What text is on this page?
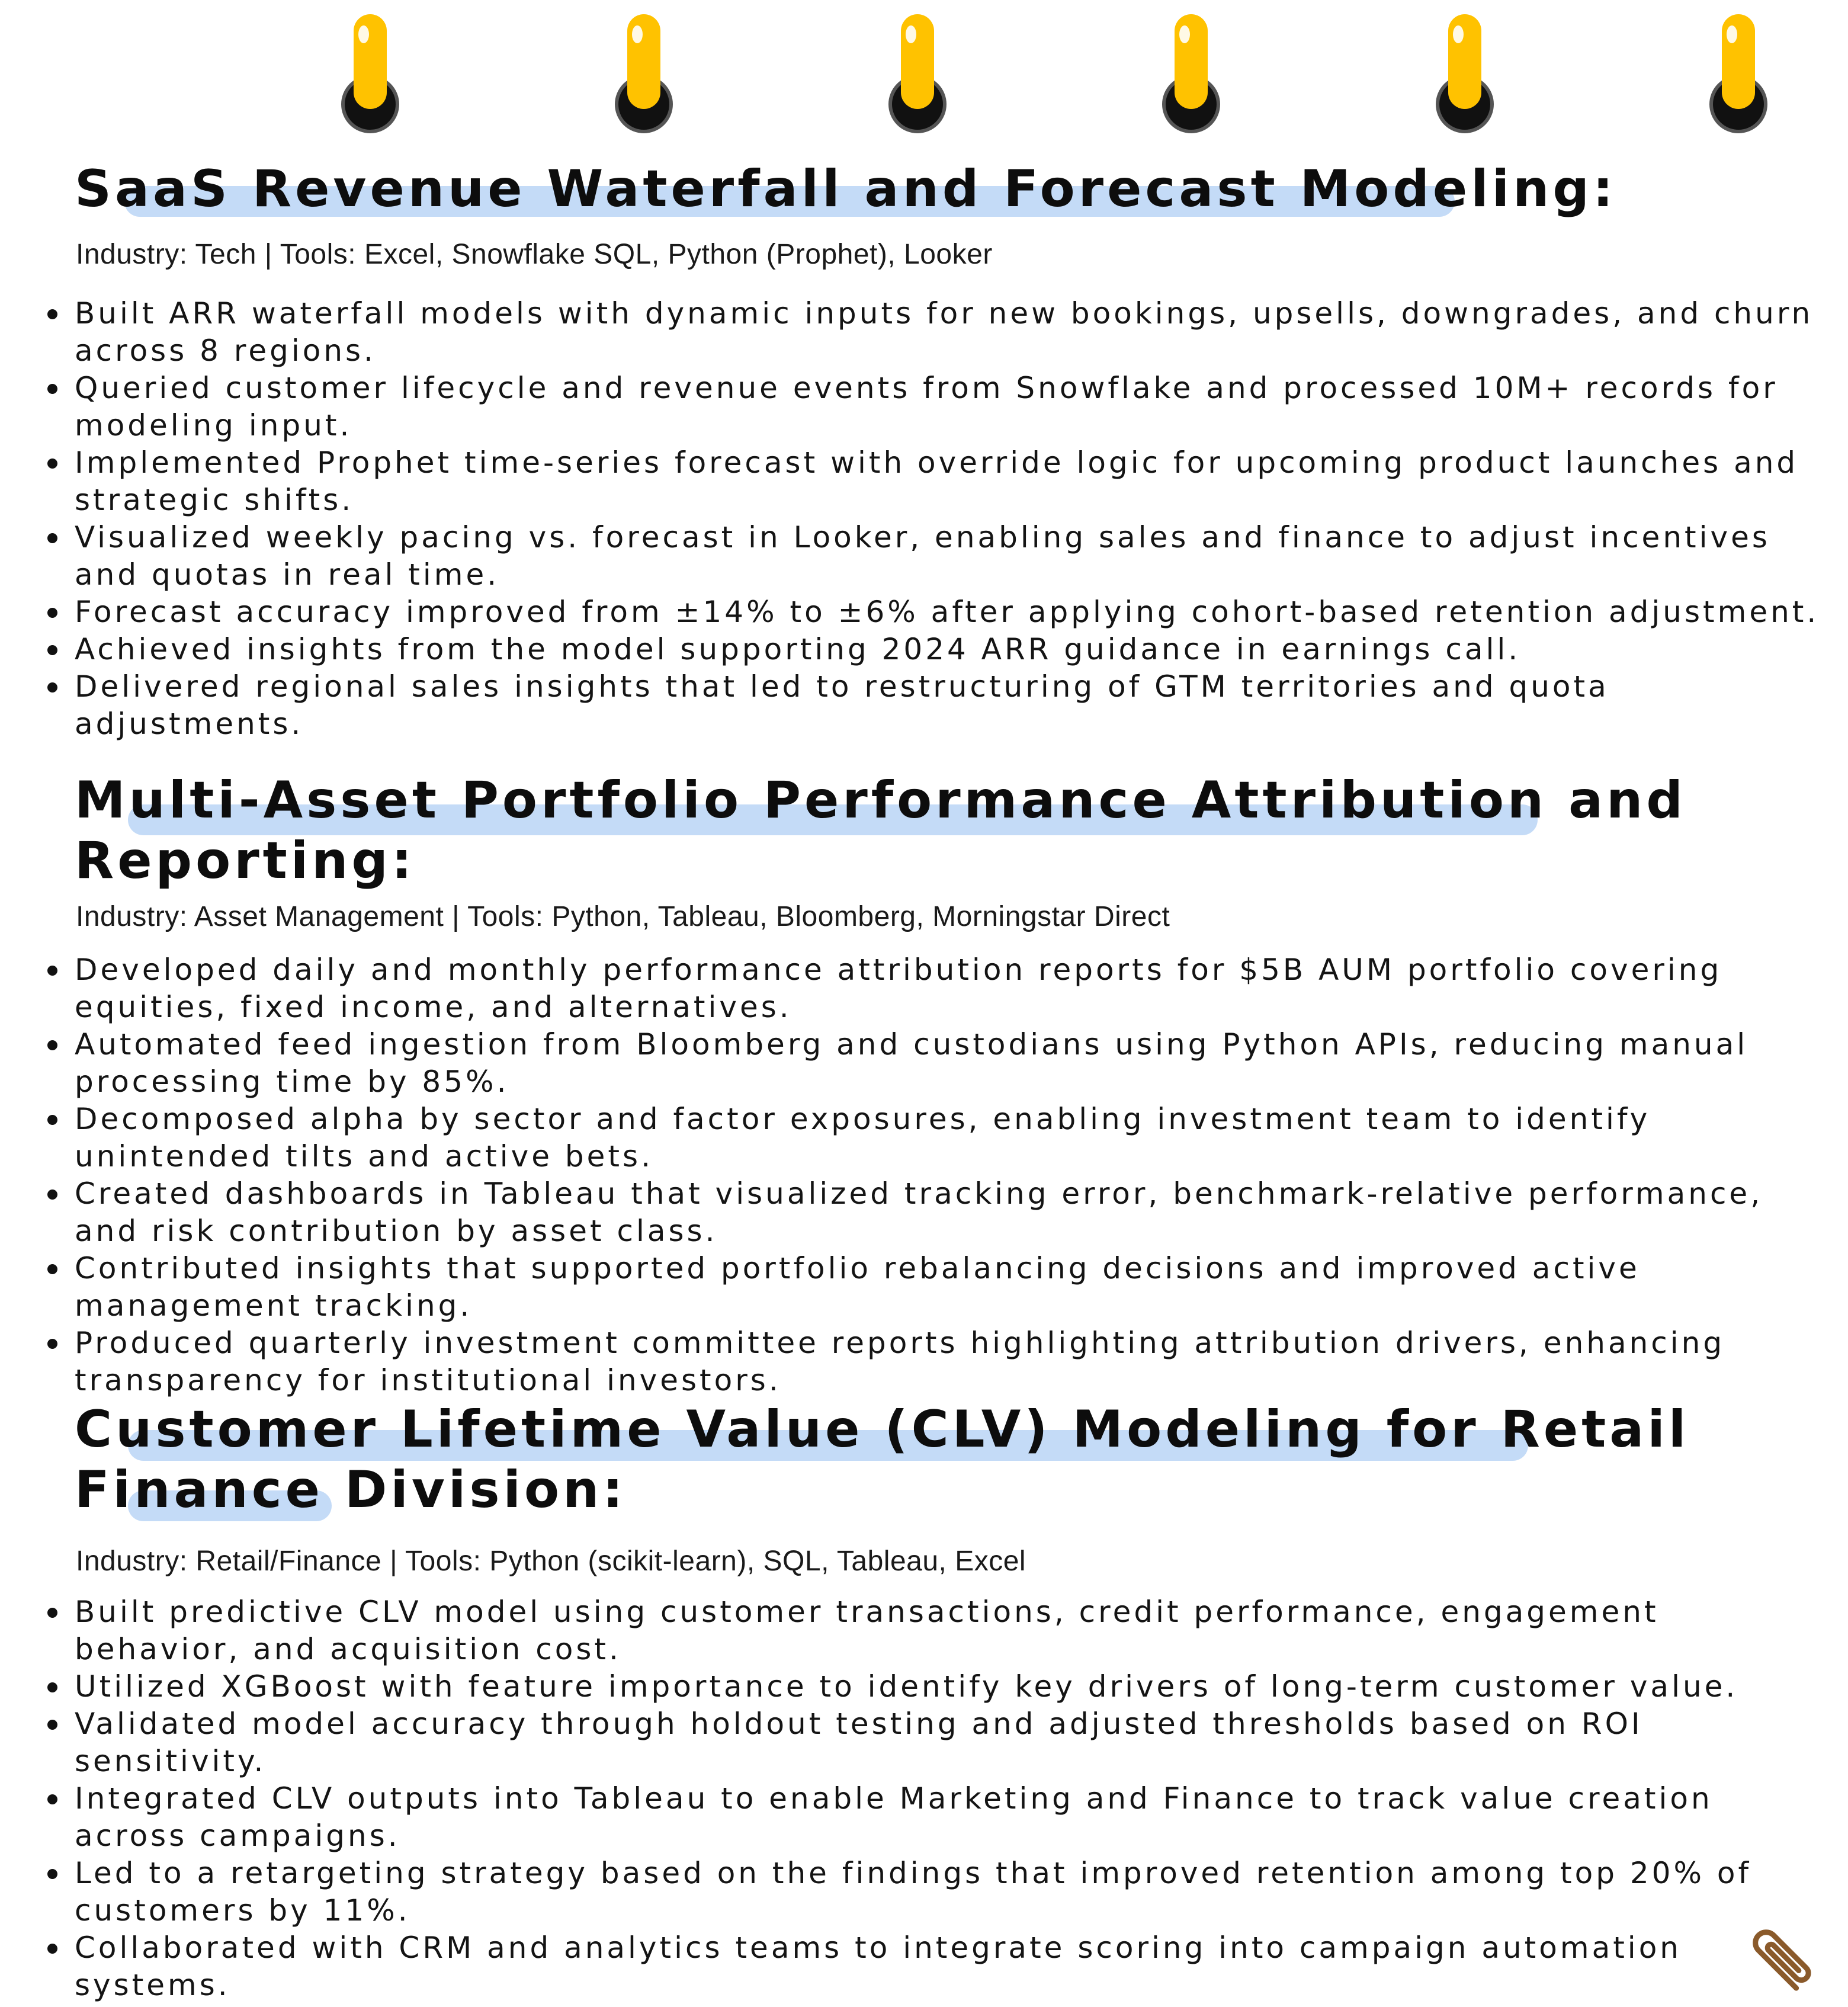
SaaS Revenue Waterfall and Forecast Modeling:
Industry: Tech | Tools: Excel, Snowflake SQL, Python (Prophet), Looker
Built ARR waterfall models with dynamic inputs for new bookings, upsells, downgrades, and churn across 8 regions.
Queried customer lifecycle and revenue events from Snowflake and processed 10M+ records for modeling input.
Implemented Prophet time-series forecast with override logic for upcoming product launches and strategic shifts.
Visualized weekly pacing vs. forecast in Looker, enabling sales and finance to adjust incentives and quotas in real time.
Forecast accuracy improved from ±14% to ±6% after applying cohort-based retention adjustment.
Achieved insights from the model supporting 2024 ARR guidance in earnings call.
Delivered regional sales insights that led to restructuring of GTM territories and quota adjustments.
Multi-Asset Portfolio Performance Attribution and Reporting:
Industry: Asset Management | Tools: Python, Tableau, Bloomberg, Morningstar Direct
Developed daily and monthly performance attribution reports for $5B AUM portfolio covering equities, fixed income, and alternatives.
Automated feed ingestion from Bloomberg and custodians using Python APIs, reducing manual processing time by 85%.
Decomposed alpha by sector and factor exposures, enabling investment team to identify unintended tilts and active bets.
Created dashboards in Tableau that visualized tracking error, benchmark-relative performance, and risk contribution by asset class.
Contributed insights that supported portfolio rebalancing decisions and improved active management tracking.
Produced quarterly investment committee reports highlighting attribution drivers, enhancing transparency for institutional investors.
Customer Lifetime Value (CLV) Modeling for Retail Finance Division:
Industry: Retail/Finance | Tools: Python (scikit-learn), SQL, Tableau, Excel
Built predictive CLV model using customer transactions, credit performance, engagement behavior, and acquisition cost.
Utilized XGBoost with feature importance to identify key drivers of long-term customer value.
Validated model accuracy through holdout testing and adjusted thresholds based on ROI sensitivity.
Integrated CLV outputs into Tableau to enable Marketing and Finance to track value creation across campaigns.
Led to a retargeting strategy based on the findings that improved retention among top 20% of customers by 11%.
Collaborated with CRM and analytics teams to integrate scoring into campaign automation systems.
